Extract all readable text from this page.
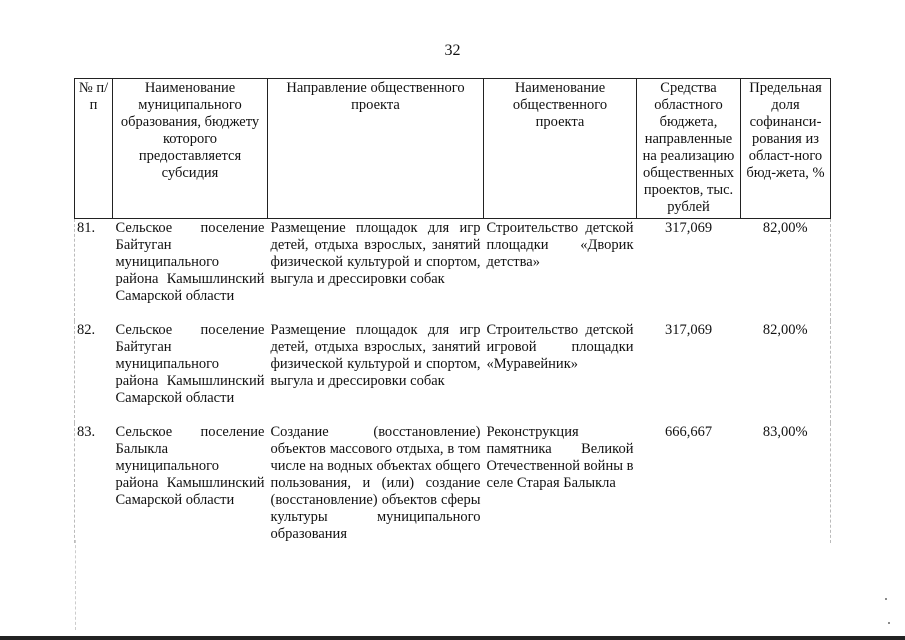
32
№ п/п	Наименование муниципального образования, бюджету которого предоставляется субсидия	Направление общественного проекта	Наименование общественного проекта	Средства областного бюджета, направленные на реализацию общественных проектов, тыс. рублей	Предельная доля софинанси-рования из област-ного бюд-жета, %
81.	Сельское поселение Байтуган муниципального района Камышлинский Самарской области	Размещение площадок для игр детей, отдыха взрослых, занятий физической культурой и спортом, выгула и дрессировки собак	Строительство детской площадки «Дворик детства»	317,069	82,00%
82.	Сельское поселение Байтуган муниципального района Камышлинский Самарской области	Размещение площадок для игр детей, отдыха взрослых, занятий физической культурой и спортом, выгула и дрессировки собак	Строительство детской игровой площадки «Муравейник»	317,069	82,00%
83.	Сельское поселение Балыкла муниципального района Камышлинский Самарской области	Создание (восстановление) объектов массового отдыха, в том числе на водных объектах общего пользования, и (или) создание (восстановление) объектов сферы культуры муниципального образования	Реконструкция памятника Великой Отечественной войны в селе Старая Балыкла	666,667	83,00%
